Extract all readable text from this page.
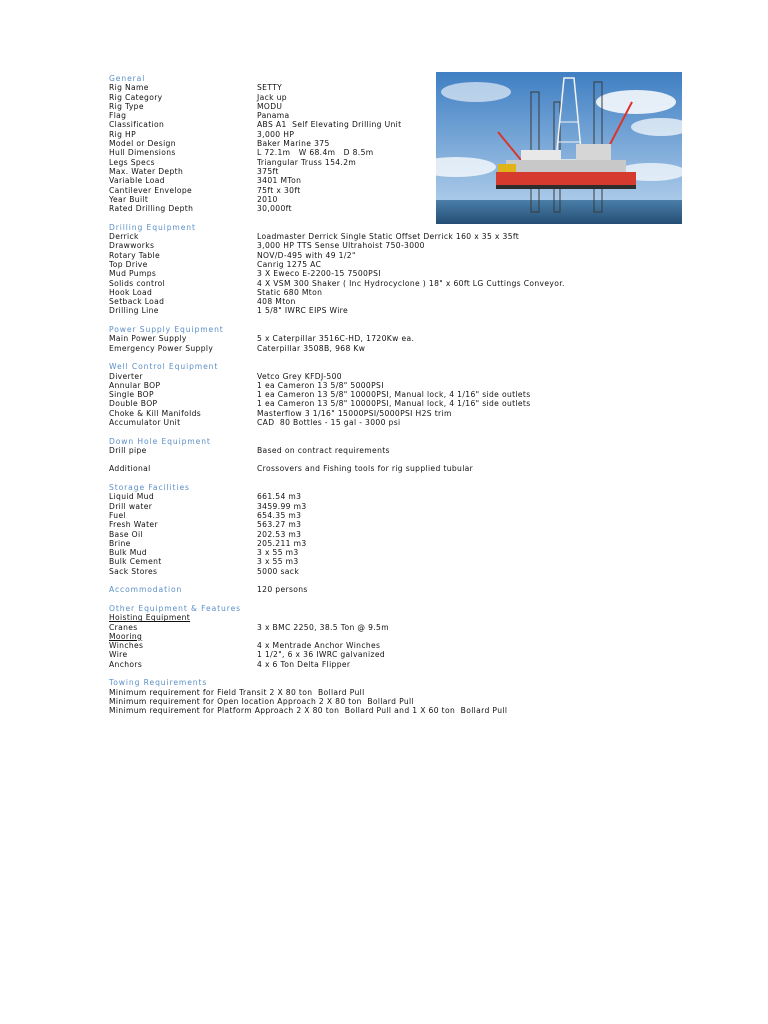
General
Rig Name	SETTY
Rig Category	Jack up
Rig Type	MODU
Flag	Panama
Classification	ABS A1  Self Elevating Drilling Unit
Rig HP	3,000 HP
Model or Design	Baker Marine 375
Hull Dimensions	L 72.1m   W 68.4m   D 8.5m
Legs Specs	Triangular Truss 154.2m
Max. Water Depth	375ft
Variable Load	3401 MTon
Cantilever Envelope	75ft x 30ft
Year Built	2010
Rated Drilling Depth	30,000ft
Drilling Equipment
Derrick	Loadmaster Derrick Single Static Offset Derrick 160 x 35 x 35ft
Drawworks	3,000 HP TTS Sense Ultrahoist 750-3000
Rotary Table	NOV/D-495 with 49 1/2"
Top Drive	Canrig 1275 AC
Mud Pumps	3 X Eweco E-2200-15 7500PSI
Solids control	4 X VSM 300 Shaker ( Inc Hydrocyclone ) 18" x 60ft LG Cuttings Conveyor.
Hook Load	Static 680 Mton
Setback Load	408 Mton
Drilling Line	1 5/8" IWRC EIPS Wire
Power Supply Equipment
Main Power Supply	5 x Caterpillar 3516C-HD, 1720Kw ea.
Emergency Power Supply	Caterpillar 3508B, 968 Kw
Well Control Equipment
Diverter	Vetco Grey KFDJ-500
Annular BOP	1 ea Cameron 13 5/8" 5000PSI
Single BOP	1 ea Cameron 13 5/8" 10000PSI, Manual lock, 4 1/16" side outlets
Double BOP	1 ea Cameron 13 5/8" 10000PSI, Manual lock, 4 1/16" side outlets
Choke & Kill Manifolds	Masterflow 3 1/16" 15000PSI/5000PSI H2S trim
Accumulator Unit	CAD  80 Bottles - 15 gal - 3000 psi
Down Hole Equipment
Drill pipe	Based on contract requirements
Additional	Crossovers and Fishing tools for rig supplied tubular
Storage Facilities
Liquid Mud	661.54 m3
Drill water	3459.99 m3
Fuel	654.35 m3
Fresh Water	563.27 m3
Base Oil	202.53 m3
Brine	205.211 m3
Bulk Mud	3 x 55 m3
Bulk Cement	3 x 55 m3
Sack Stores	5000 sack
Accommodation	120 persons
Other Equipment & Features
Hoisting Equipment
Cranes	3 x BMC 2250, 38.5 Ton @ 9.5m
Mooring
Winches	4 x Mentrade Anchor Winches
Wire	1 1/2", 6 x 36 IWRC galvanized
Anchors	4 x 6 Ton Delta Flipper
Towing Requirements
Minimum requirement for Field Transit 2 X 80 ton  Bollard Pull
Minimum requirement for Open location Approach 2 X 80 ton  Bollard Pull
Minimum requirement for Platform Approach 2 X 80 ton  Bollard Pull and 1 X 60 ton  Bollard Pull
